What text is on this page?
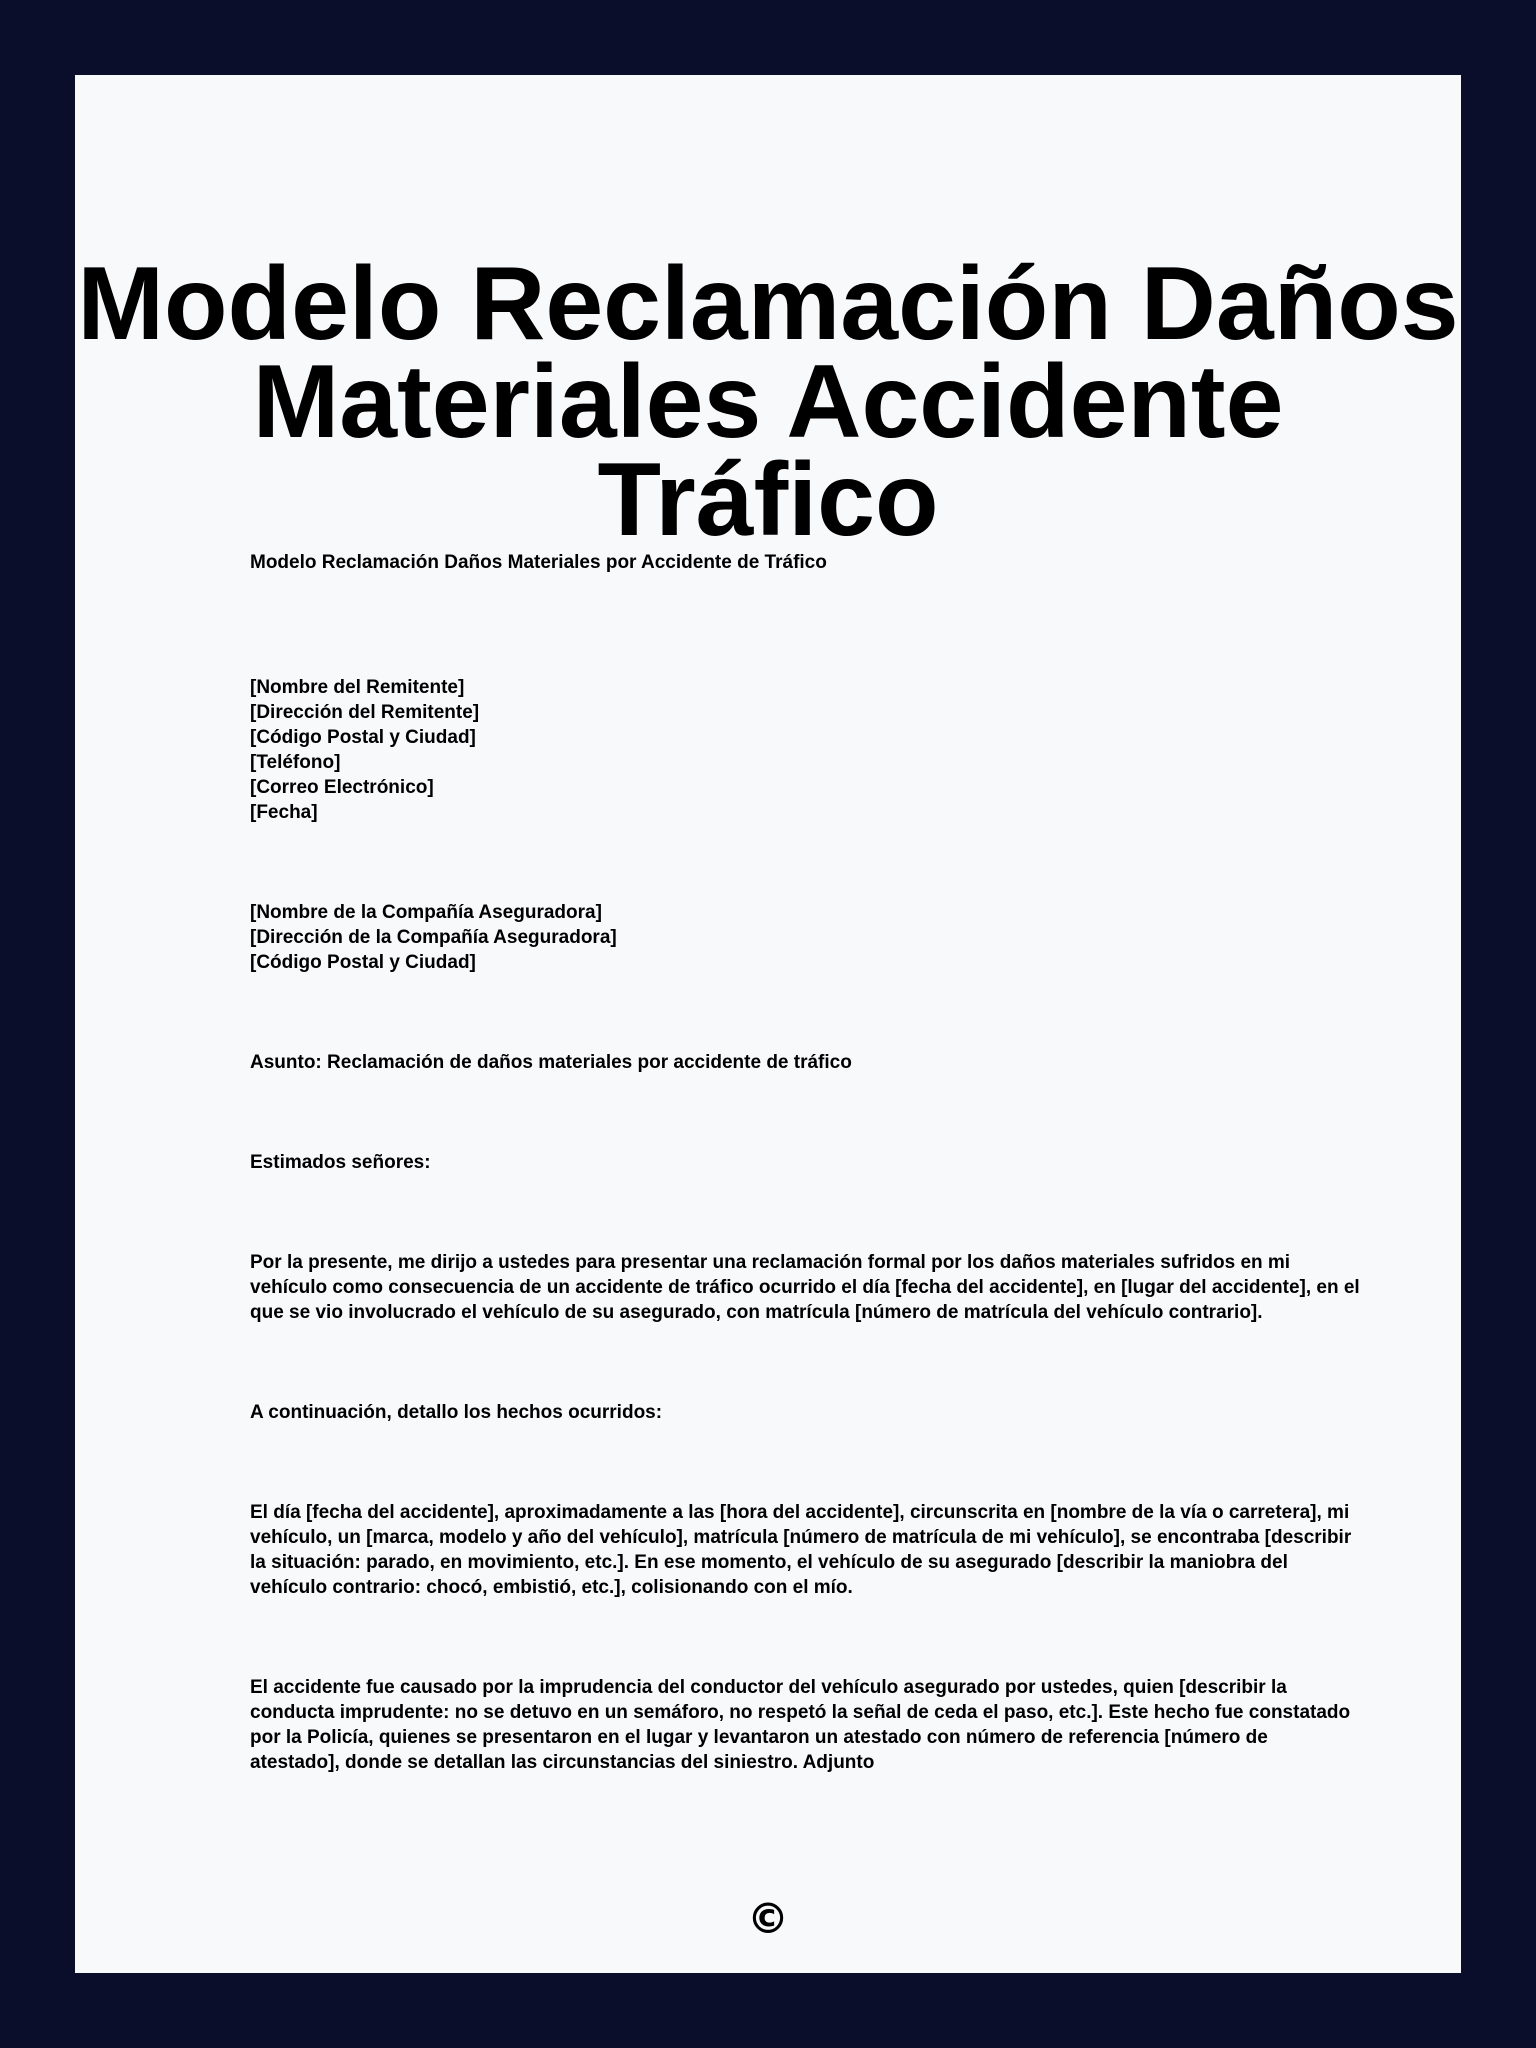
Modelo Reclamación Daños Materiales Accidente Tráfico

Modelo Reclamación Daños Materiales por Accidente de Tráfico

[Nombre del Remitente]
[Dirección del Remitente]
[Código Postal y Ciudad]
[Teléfono]
[Correo Electrónico]
[Fecha]
[Nombre de la Compañía Aseguradora]
[Dirección de la Compañía Aseguradora]
[Código Postal y Ciudad]

Asunto: Reclamación de daños materiales por accidente de tráfico

Estimados señores:

Por la presente, me dirijo a ustedes para presentar una reclamación formal por los daños materiales sufridos en mi vehículo como consecuencia de un accidente de tráfico ocurrido el día [fecha del accidente], en [lugar del accidente], en el que se vio involucrado el vehículo de su asegurado, con matrícula [número de matrícula del vehículo contrario].

A continuación, detallo los hechos ocurridos:

El día [fecha del accidente], aproximadamente a las [hora del accidente], circunscrita en [nombre de la vía o carretera], mi vehículo, un [marca, modelo y año del vehículo], matrícula [número de matrícula de mi vehículo], se encontraba [describir la situación: parado, en movimiento, etc.]. En ese momento, el vehículo de su asegurado [describir la maniobra del vehículo contrario: chocó, embistió, etc.], colisionando con el mío.

El accidente fue causado por la imprudencia del conductor del vehículo asegurado por ustedes, quien [describir la conducta imprudente: no se detuvo en un semáforo, no respetó la señal de ceda el paso, etc.]. Este hecho fue constatado por la Policía, quienes se presentaron en el lugar y levantaron un atestado con número de referencia [número de atestado], donde se detallan las circunstancias del siniestro. Adjunto

©
